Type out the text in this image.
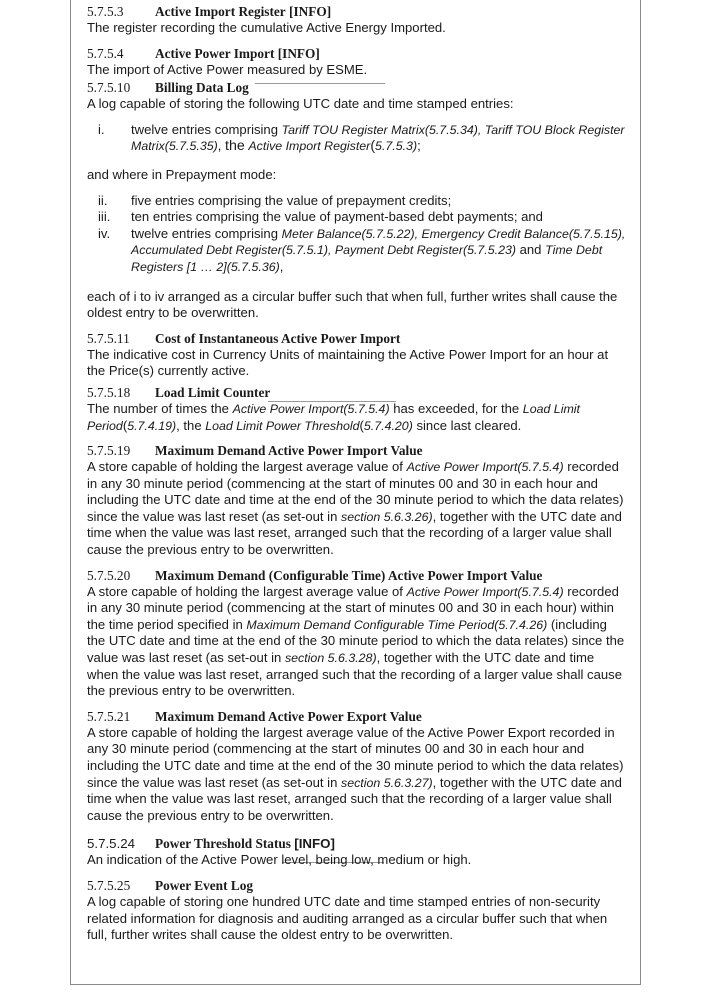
5.7.5.3 Active Import Register [INFO]
The register recording the cumulative Active Energy Imported.
5.7.5.4 Active Power Import [INFO]
The import of Active Power measured by ESME.
5.7.5.10 Billing Data Log
A log capable of storing the following UTC date and time stamped entries:
i.	twelve entries comprising Tariff TOU Register Matrix(5.7.5.34), Tariff TOU Block Register Matrix(5.7.5.35), the Active Import Register(5.7.5.3);
and where in Prepayment mode:
ii.	five entries comprising the value of prepayment credits;
iii.	ten entries comprising the value of payment-based debt payments; and
iv.	twelve entries comprising Meter Balance(5.7.5.22), Emergency Credit Balance(5.7.5.15), Accumulated Debt Register(5.7.5.1), Payment Debt Register(5.7.5.23) and Time Debt Registers [1 … 2](5.7.5.36),
each of i to iv arranged as a circular buffer such that when full, further writes shall cause the oldest entry to be overwritten.
5.7.5.11 Cost of Instantaneous Active Power Import
The indicative cost in Currency Units of maintaining the Active Power Import for an hour at the Price(s) currently active.
5.7.5.18 Load Limit Counter
The number of times the Active Power Import(5.7.5.4) has exceeded, for the Load Limit Period(5.7.4.19), the Load Limit Power Threshold(5.7.4.20) since last cleared.
5.7.5.19 Maximum Demand Active Power Import Value
A store capable of holding the largest average value of Active Power Import(5.7.5.4) recorded in any 30 minute period (commencing at the start of minutes 00 and 30 in each hour and including the UTC date and time at the end of the 30 minute period to which the data relates) since the value was last reset (as set-out in section 5.6.3.26), together with the UTC date and time when the value was last reset, arranged such that the recording of a larger value shall cause the previous entry to be overwritten.
5.7.5.20 Maximum Demand (Configurable Time) Active Power Import Value
A store capable of holding the largest average value of Active Power Import(5.7.5.4) recorded in any 30 minute period (commencing at the start of minutes 00 and 30 in each hour) within the time period specified in Maximum Demand Configurable Time Period(5.7.4.26) (including the UTC date and time at the end of the 30 minute period to which the data relates) since the value was last reset (as set-out in section 5.6.3.28), together with the UTC date and time when the value was last reset, arranged such that the recording of a larger value shall cause the previous entry to be overwritten.
5.7.5.21 Maximum Demand Active Power Export Value
A store capable of holding the largest average value of the Active Power Export recorded in any 30 minute period (commencing at the start of minutes 00 and 30 in each hour and including the UTC date and time at the end of the 30 minute period to which the data relates) since the value was last reset (as set-out in section 5.6.3.27), together with the UTC date and time when the value was last reset, arranged such that the recording of a larger value shall cause the previous entry to be overwritten.
5.7.5.24 Power Threshold Status [INFO]
An indication of the Active Power level, being low, medium or high.
5.7.5.25 Power Event Log
A log capable of storing one hundred UTC date and time stamped entries of non-security related information for diagnosis and auditing arranged as a circular buffer such that when full, further writes shall cause the oldest entry to be overwritten.
